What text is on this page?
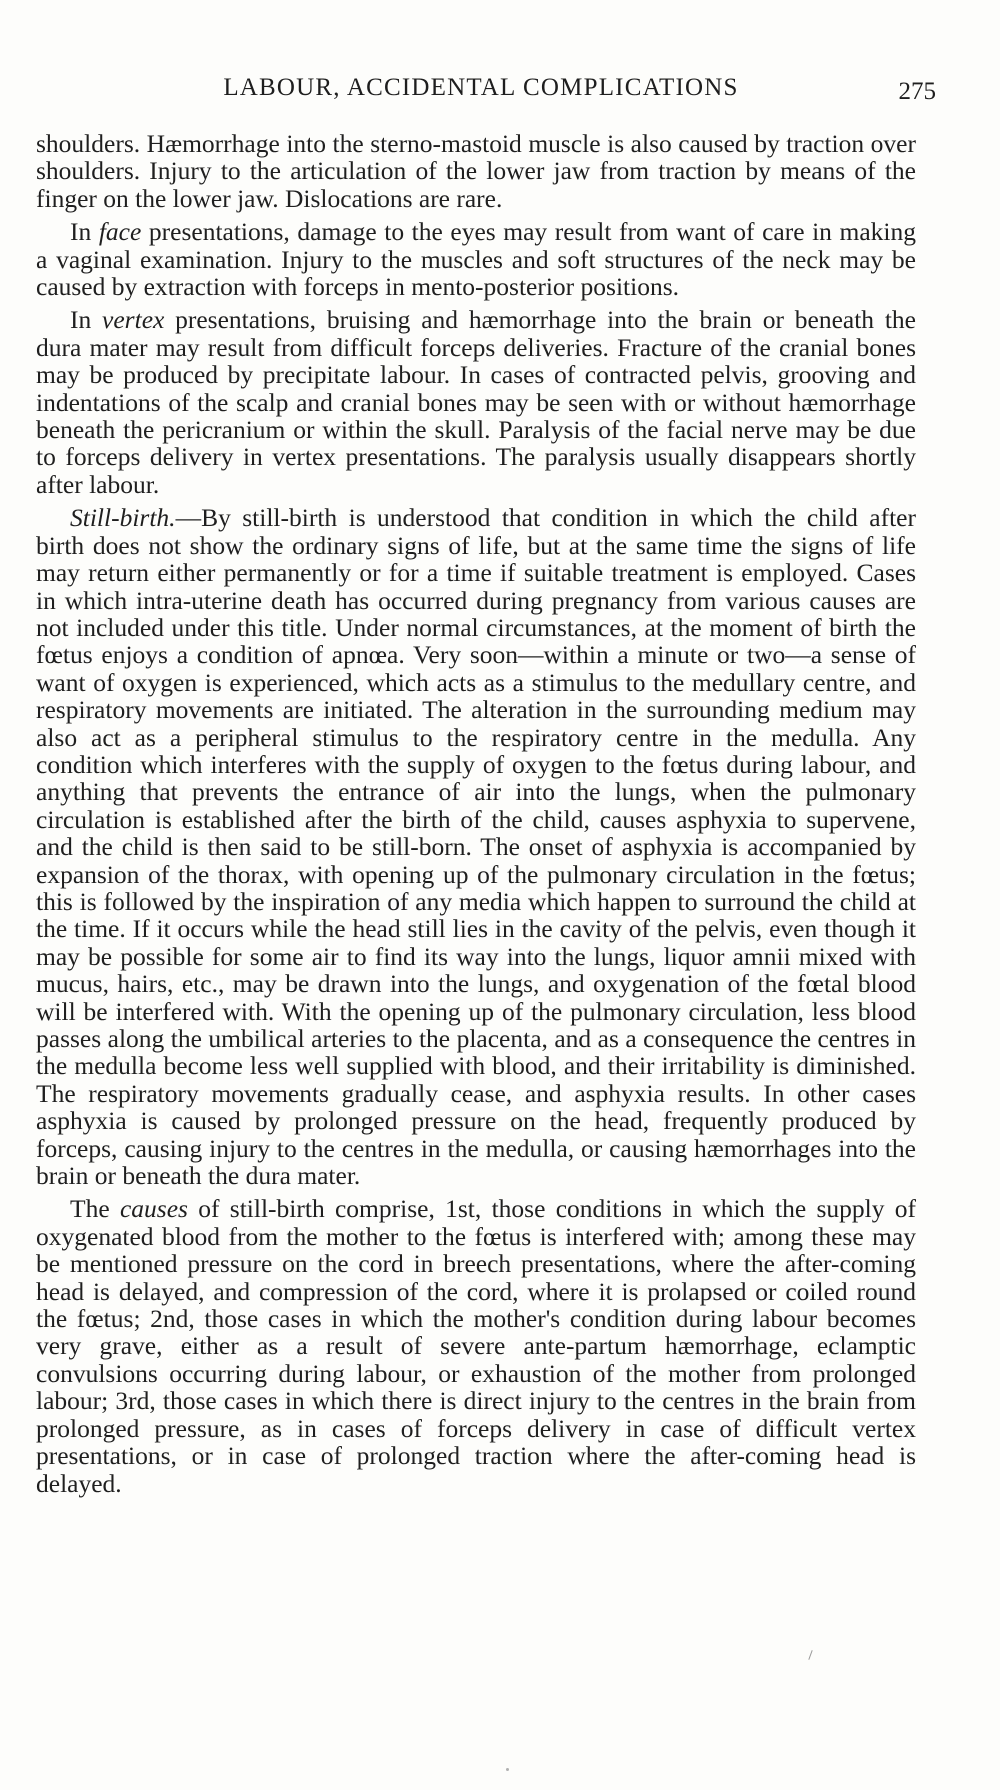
LABOUR, ACCIDENTAL COMPLICATIONS	275

shoulders. Hæmorrhage into the sterno-mastoid muscle is also caused by traction over shoulders. Injury to the articulation of the lower jaw from traction by means of the finger on the lower jaw. Dislocations are rare.

In face presentations, damage to the eyes may result from want of care in making a vaginal examination. Injury to the muscles and soft structures of the neck may be caused by extraction with forceps in mento-posterior positions.

In vertex presentations, bruising and hæmorrhage into the brain or beneath the dura mater may result from difficult forceps deliveries. Fracture of the cranial bones may be produced by precipitate labour. In cases of contracted pelvis, grooving and indentations of the scalp and cranial bones may be seen with or without hæmorrhage beneath the pericranium or within the skull. Paralysis of the facial nerve may be due to forceps delivery in vertex presentations. The paralysis usually disappears shortly after labour.

Still-birth.—By still-birth is understood that condition in which the child after birth does not show the ordinary signs of life, but at the same time the signs of life may return either permanently or for a time if suitable treatment is employed. Cases in which intra-uterine death has occurred during pregnancy from various causes are not included under this title. Under normal circumstances, at the moment of birth the fœtus enjoys a condition of apnœa. Very soon—within a minute or two—a sense of want of oxygen is experienced, which acts as a stimulus to the medullary centre, and respiratory movements are initiated. The alteration in the surrounding medium may also act as a peripheral stimulus to the respiratory centre in the medulla. Any condition which interferes with the supply of oxygen to the fœtus during labour, and anything that prevents the entrance of air into the lungs, when the pulmonary circulation is established after the birth of the child, causes asphyxia to supervene, and the child is then said to be still-born. The onset of asphyxia is accompanied by expansion of the thorax, with opening up of the pulmonary circulation in the fœtus; this is followed by the inspiration of any media which happen to surround the child at the time. If it occurs while the head still lies in the cavity of the pelvis, even though it may be possible for some air to find its way into the lungs, liquor amnii mixed with mucus, hairs, etc., may be drawn into the lungs, and oxygenation of the fœtal blood will be interfered with. With the opening up of the pulmonary circulation, less blood passes along the umbilical arteries to the placenta, and as a consequence the centres in the medulla become less well supplied with blood, and their irritability is diminished. The respiratory movements gradually cease, and asphyxia results. In other cases asphyxia is caused by prolonged pressure on the head, frequently produced by forceps, causing injury to the centres in the medulla, or causing hæmorrhages into the brain or beneath the dura mater.

The causes of still-birth comprise, 1st, those conditions in which the supply of oxygenated blood from the mother to the fœtus is interfered with; among these may be mentioned pressure on the cord in breech presentations, where the after-coming head is delayed, and compression of the cord, where it is prolapsed or coiled round the fœtus; 2nd, those cases in which the mother's condition during labour becomes very grave, either as a result of severe ante-partum hæmorrhage, eclamptic convulsions occurring during labour, or exhaustion of the mother from prolonged labour; 3rd, those cases in which there is direct injury to the centres in the brain from prolonged pressure, as in cases of forceps delivery in case of difficult vertex presentations, or in case of prolonged traction where the after-coming head is delayed.
